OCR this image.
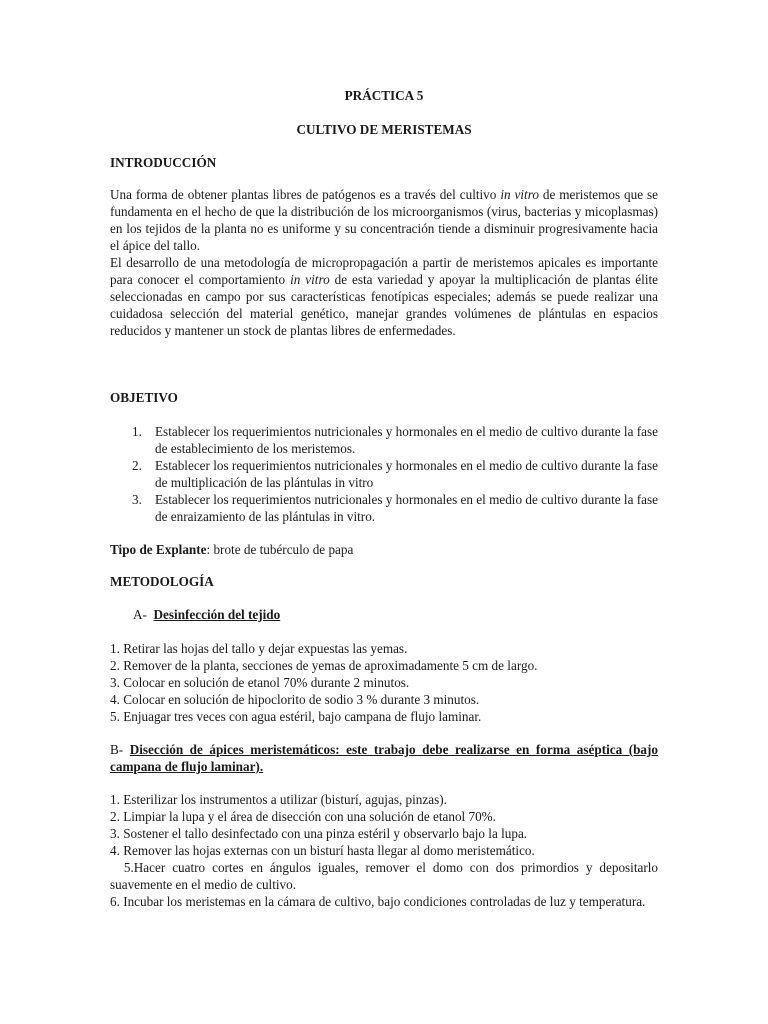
PRÁCTICA 5
CULTIVO DE MERISTEMAS
INTRODUCCIÓN

Una forma de obtener plantas libres de patógenos es a través del cultivo in vitro de meristemos que se fundamenta en el hecho de que la distribución de los microorganismos (virus, bacterias y micoplasmas) en los tejidos de la planta no es uniforme y su concentración tiende a disminuir progresivamente hacia el ápice del tallo.

El desarrollo de una metodología de micropropagación a partir de meristemos apicales es importante para conocer el comportamiento in vitro de esta variedad y apoyar la multiplicación de plantas élite seleccionadas en campo por sus características fenotípicas especiales; además se puede realizar una cuidadosa selección del material genético, manejar grandes volúmenes de plántulas en espacios reducidos y mantener un stock de plantas libres de enfermedades.

OBJETIVO
1. Establecer los requerimientos nutricionales y hormonales en el medio de cultivo durante la fase de establecimiento de los meristemos.
2. Establecer los requerimientos nutricionales y hormonales en el medio de cultivo durante la fase de multiplicación de las plántulas in vitro
3. Establecer los requerimientos nutricionales y hormonales en el medio de cultivo durante la fase de enraizamiento de las plántulas in vitro.
Tipo de Explante: brote de tubérculo de papa
METODOLOGÍA
A- Desinfección del tejido
1. Retirar las hojas del tallo y dejar expuestas las yemas.
2. Remover de la planta, secciones de yemas de aproximadamente 5 cm de largo.
3. Colocar en solución de etanol 70% durante 2 minutos.
4. Colocar en solución de hipoclorito de sodio 3 % durante 3 minutos.
5. Enjuagar tres veces con agua estéril, bajo campana de flujo laminar.
B- Disección de ápices meristemáticos: este trabajo debe realizarse en forma aséptica (bajo campana de flujo laminar).
1. Esterilizar los instrumentos a utilizar (bisturí, agujas, pinzas).
2. Limpiar la lupa y el área de disección con una solución de etanol 70%.
3. Sostener el tallo desinfectado con una pinza estéril y observarlo bajo la lupa.
4. Remover las hojas externas con un bisturí hasta llegar al domo meristemático.
5.Hacer cuatro cortes en ángulos iguales, remover el domo con dos primordios y depositarlo suavemente en el medio de cultivo.
6. Incubar los meristemas en la cámara de cultivo, bajo condiciones controladas de luz y temperatura.
